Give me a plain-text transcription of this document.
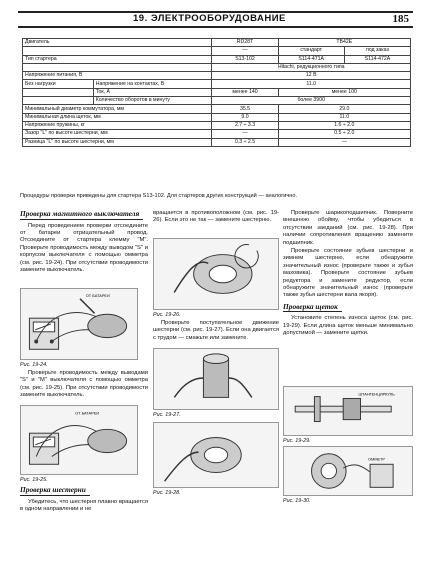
19. ЭЛЕКТРООБОРУДОВАНИЕ	185
Двигатель		RD28T	TB42E	
		—	стандарт	под заказ
Тип стартера		S13-102	S114-471A	S114-472A
		Hitachi, редукционного типа		
Напряжение питания, В		12 В		
Без нагрузки	Напряжение на контактах, В	11.0		
	Ток, А	менее 140	менее 100	
	Количество оборотов в минуту	более 3900		
Минимальный диаметр коммутатора, мм		35.5	29.0	
Минимальная длина щеток, мм		9.0	11.0	
Напряжение пружины, кг		2.7 ÷ 3.3	1.6 ÷ 2.0	
Зазор "L" по высоте шестерни, мм		—	0.5 ÷ 2.0	
Разница "L" по высоте шестерни, мм		0.3 ÷ 2.5	—	
Процедуры проверки приведены для стартера S13-102. Для стартеров других конструкций — аналогично.
Проверка магнитного выключателя
Перед проведением проверки отсоедините от батареи отрицательный провод. Отсоедините от стартера клемму "М". Проверьте проводимость между выводом "S" и корпусом выключателя с помощью омметра (см. рис. 19-24). При отсутствии проводимости замените выключатель.
ОТ БАТАРЕИ
Рис. 19-24.
Проверьте проводимость между выводами "S" и "М" выключателя с помощью омметра (см. рис. 19-25). При отсутствии проводимости замените выключатель.
ОТ БАТАРЕИ
Рис. 19-25.
Проверка шестерни
Убедитесь, что шестерня плавно вращается в одном направлении и не
вращается в противоположном (см. рис. 19-26). Если это не так — замените шестерню.
Рис. 19-26.
Проверьте поступательное движение шестерни (см. рис. 19-27). Если она двигается с трудом — смажьте или замените.
Рис. 19-27.
Рис. 19-28.
Проверьте шарикоподшипник. Поверните внешнюю обойму, чтобы убедиться в отсутствии заеданий (см. рис. 19-28). При наличии сопротивления вращению замените подшипник.
Проверьте состояние зубьев шестерни и зимнем шестерню, если обнаружите значительный износ (проверьте также и зубья маховика). Проверьте состояние зубьев редуктора и замените редуктор, если обнаружите значительный износ (проверьте также зубья шестерни вала якоря).
Проверка щеток
Установите степень износа щеток (см. рис. 19-29). Если длина щеток меньше минимально допустимой — замените щетки.
ШТАНГЕНЦИРКУЛЬ
Рис. 19-29.
ОММЕТР
Рис. 19-30.
